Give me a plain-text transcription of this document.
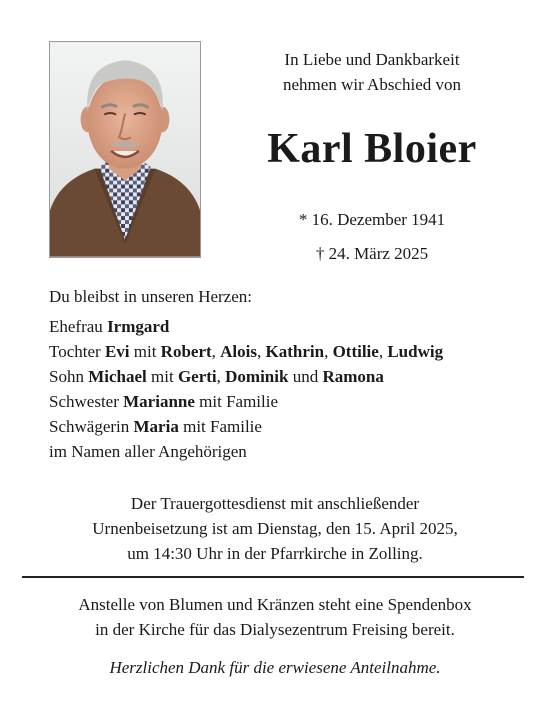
In Liebe und Dankbarkeit
nehmen wir Abschied von
Karl Bloier
* 16. Dezember 1941
† 24. März 2025
Du bleibst in unseren Herzen:
Ehefrau Irmgard
Tochter Evi mit Robert, Alois, Kathrin, Ottilie, Ludwig
Sohn Michael mit Gerti, Dominik und Ramona
Schwester Marianne mit Familie
Schwägerin Maria mit Familie
im Namen aller Angehörigen
Der Trauergottesdienst mit anschließender
Urnenbeisetzung ist am Dienstag, den 15. April 2025,
um 14:30 Uhr in der Pfarrkirche in Zolling.
Anstelle von Blumen und Kränzen steht eine Spendenbox
in der Kirche für das Dialysezentrum Freising bereit.
Herzlichen Dank für die erwiesene Anteilnahme.
